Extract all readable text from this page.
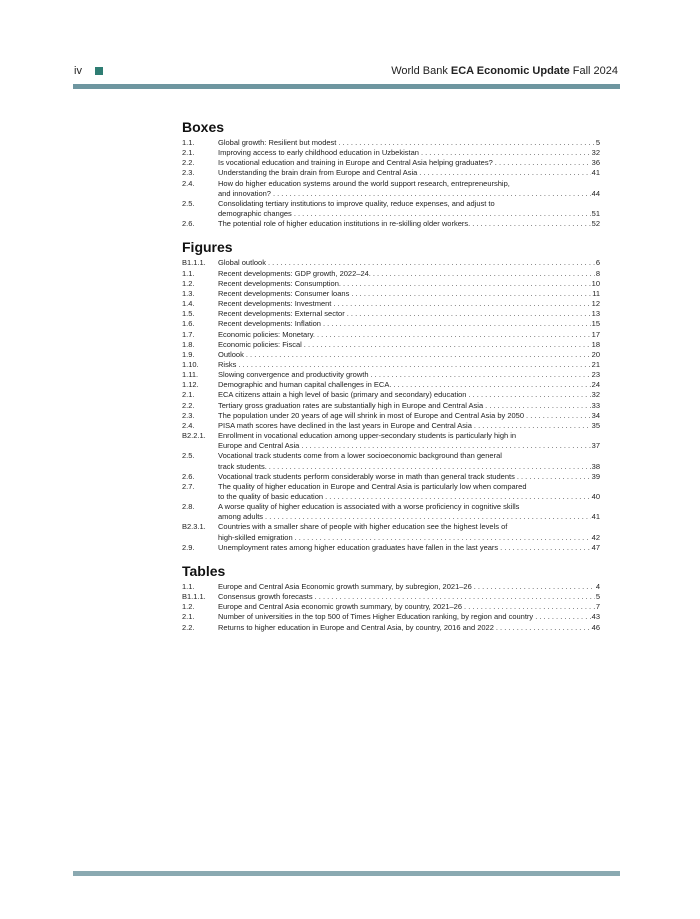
iv	World Bank ECA Economic Update Fall 2024
Boxes
1.1.	Global growth: Resilient but modest . . .	5
2.1.	Improving access to early childhood education in Uzbekistan . . .	32
2.2.	Is vocational education and training in Europe and Central Asia helping graduates? . . .	36
2.3.	Understanding the brain drain from Europe and Central Asia . . .	41
2.4.	How do higher education systems around the world support research, entrepreneurship,
and innovation? . . .	44
2.5.	Consolidating tertiary institutions to improve quality, reduce expenses, and adjust to
demographic changes . . .	51
2.6.	The potential role of higher education institutions in re-skilling older workers. . . .	52
Figures
B1.1.1.	Global outlook . . .	6
1.1.	Recent developments: GDP growth, 2022–24. . . .	8
1.2.	Recent developments: Consumption. . . .	10
1.3.	Recent developments: Consumer loans . . .	11
1.4.	Recent developments: Investment . . .	12
1.5.	Recent developments: External sector . . .	13
1.6.	Recent developments: Inflation . . .	15
1.7.	Economic policies: Monetary. . . .	17
1.8.	Economic policies: Fiscal . . .	18
1.9.	Outlook . . .	20
1.10.	Risks . . .	21
1.11.	Slowing convergence and productivity growth . . .	23
1.12.	Demographic and human capital challenges in ECA. . . .	24
2.1.	ECA citizens attain a high level of basic (primary and secondary) education . . .	32
2.2.	Tertiary gross graduation rates are substantially high in Europe and Central Asia . . .	33
2.3.	The population under 20 years of age will shrink in most of Europe and Central Asia by 2050 . . .	34
2.4.	PISA math scores have declined in the last years in Europe and Central Asia . . .	35
B2.2.1.	Enrollment in vocational education among upper-secondary students is particularly high in
Europe and Central Asia . . .	37
2.5.	Vocational track students come from a lower socioeconomic background than general
track students. . . .	38
2.6.	Vocational track students perform considerably worse in math than general track students . . .	39
2.7.	The quality of higher education in Europe and Central Asia is particularly low when compared
to the quality of basic education . . .	40
2.8.	A worse quality of higher education is associated with a worse proficiency in cognitive skills
among adults . . .	41
B2.3.1.	Countries with a smaller share of people with higher education see the highest levels of
high-skilled emigration . . .	42
2.9.	Unemployment rates among higher education graduates have fallen in the last years . . .	47
Tables
1.1.	Europe and Central Asia Economic growth summary, by subregion, 2021–26 . . .	4
B1.1.1.	Consensus growth forecasts . . .	5
1.2.	Europe and Central Asia economic growth summary, by country, 2021–26 . . .	7
2.1.	Number of universities in the top 500 of Times Higher Education ranking, by region and country . . .	43
2.2.	Returns to higher education in Europe and Central Asia, by country, 2016 and 2022 . . .	46
